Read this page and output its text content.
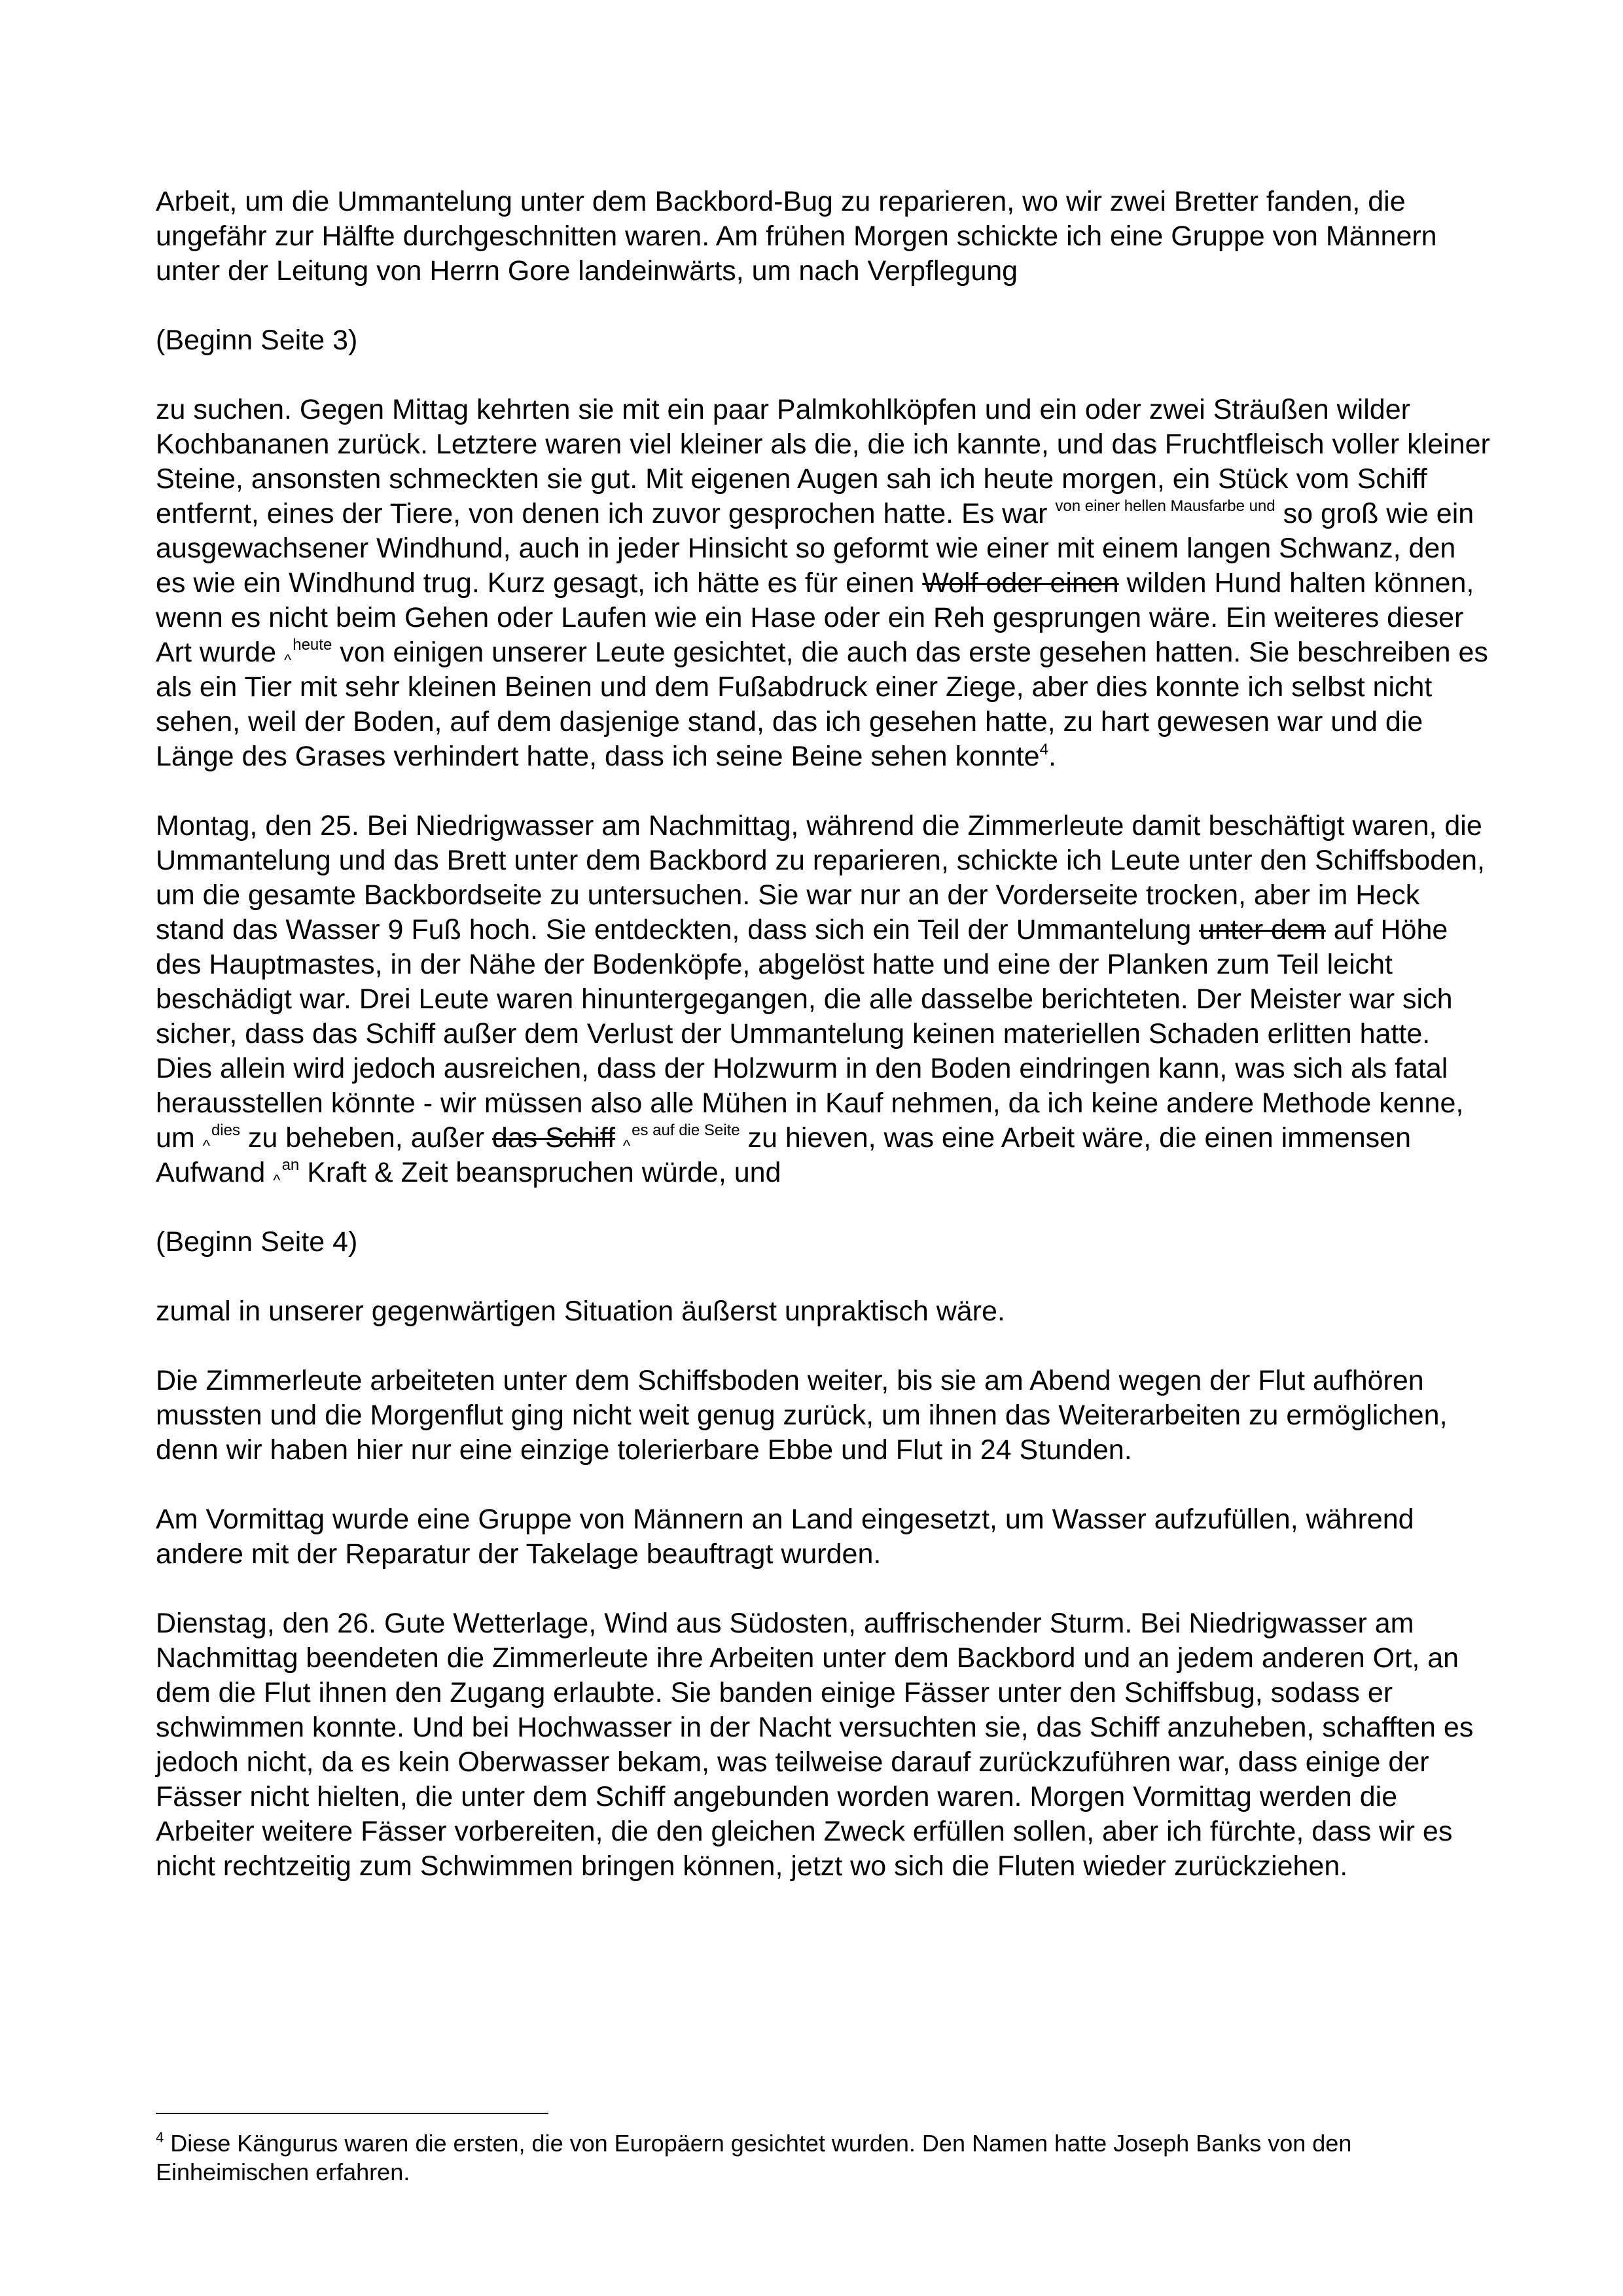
Arbeit, um die Ummantelung unter dem Backbord-Bug zu reparieren, wo wir zwei Bretter fanden, die ungefähr zur Hälfte durchgeschnitten waren. Am frühen Morgen schickte ich eine Gruppe von Männern unter der Leitung von Herrn Gore landeinwärts, um nach Verpflegung

(Beginn Seite 3)

zu suchen. Gegen Mittag kehrten sie mit ein paar Palmkohlköpfen und ein oder zwei Sträußen wilder Kochbananen zurück. Letztere waren viel kleiner als die, die ich kannte, und das Fruchtfleisch voller kleiner Steine, ansonsten schmeckten sie gut. Mit eigenen Augen sah ich heute morgen, ein Stück vom Schiff entfernt, eines der Tiere, von denen ich zuvor gesprochen hatte. Es war $^{von einer hellen Mausfarbe und}$ so groß wie ein ausgewachsener Windhund, auch in jeder Hinsicht so geformt wie einer mit einem langen Schwanz, den es wie ein Windhund trug. Kurz gesagt, ich hätte es für einen Wolf oder einen wilden Hund halten können, wenn es nicht beim Gehen oder Laufen wie ein Hase oder ein Reh gesprungen wäre. Ein weiteres dieser Art wurde ^$^{heute}$ von einigen unserer Leute gesichtet, die auch das erste gesehen hatten. Sie beschreiben es als ein Tier mit sehr kleinen Beinen und dem Fußabdruck einer Ziege, aber dies konnte ich selbst nicht sehen, weil der Boden, auf dem dasjenige stand, das ich gesehen hatte, zu hart gewesen war und die Länge des Grases verhindert hatte, dass ich seine Beine sehen konnte$^4$.

Montag, den 25. Bei Niedrigwasser am Nachmittag, während die Zimmerleute damit beschäftigt waren, die Ummantelung und das Brett unter dem Backbord zu reparieren, schickte ich Leute unter den Schiffsboden, um die gesamte Backbordseite zu untersuchen. Sie war nur an der Vorderseite trocken, aber im Heck stand das Wasser 9 Fuß hoch. Sie entdeckten, dass sich ein Teil der Ummantelung unter dem auf Höhe des Hauptmastes, in der Nähe der Bodenköpfe, abgelöst hatte und eine der Planken zum Teil leicht beschädigt war. Drei Leute waren hinuntergegangen, die alle dasselbe berichteten. Der Meister war sich sicher, dass das Schiff außer dem Verlust der Ummantelung keinen materiellen Schaden erlitten hatte. Dies allein wird jedoch ausreichen, dass der Holzwurm in den Boden eindringen kann, was sich als fatal herausstellen könnte - wir müssen also alle Mühen in Kauf nehmen, da ich keine andere Methode kenne, um ^$^{dies}$ zu beheben, außer das Schiff ^$^{es auf die Seite}$ zu hieven, was eine Arbeit wäre, die einen immensen Aufwand ^$^{an}$ Kraft & Zeit beanspruchen würde, und

(Beginn Seite 4)

zumal in unserer gegenwärtigen Situation äußerst unpraktisch wäre.

Die Zimmerleute arbeiteten unter dem Schiffsboden weiter, bis sie am Abend wegen der Flut aufhören mussten und die Morgenflut ging nicht weit genug zurück, um ihnen das Weiterarbeiten zu ermöglichen, denn wir haben hier nur eine einzige tolerierbare Ebbe und Flut in 24 Stunden.

Am Vormittag wurde eine Gruppe von Männern an Land eingesetzt, um Wasser aufzufüllen, während andere mit der Reparatur der Takelage beauftragt wurden.

Dienstag, den 26. Gute Wetterlage, Wind aus Südosten, auffrischender Sturm. Bei Niedrigwasser am Nachmittag beendeten die Zimmerleute ihre Arbeiten unter dem Backbord und an jedem anderen Ort, an dem die Flut ihnen den Zugang erlaubte. Sie banden einige Fässer unter den Schiffsbug, sodass er schwimmen konnte. Und bei Hochwasser in der Nacht versuchten sie, das Schiff anzuheben, schafften es jedoch nicht, da es kein Oberwasser bekam, was teilweise darauf zurückzuführen war, dass einige der Fässer nicht hielten, die unter dem Schiff angebunden worden waren. Morgen Vormittag werden die Arbeiter weitere Fässer vorbereiten, die den gleichen Zweck erfüllen sollen, aber ich fürchte, dass wir es nicht rechtzeitig zum Schwimmen bringen können, jetzt wo sich die Fluten wieder zurückziehen.

$^4$ Diese Kängurus waren die ersten, die von Europäern gesichtet wurden. Den Namen hatte Joseph Banks von den Einheimischen erfahren.
